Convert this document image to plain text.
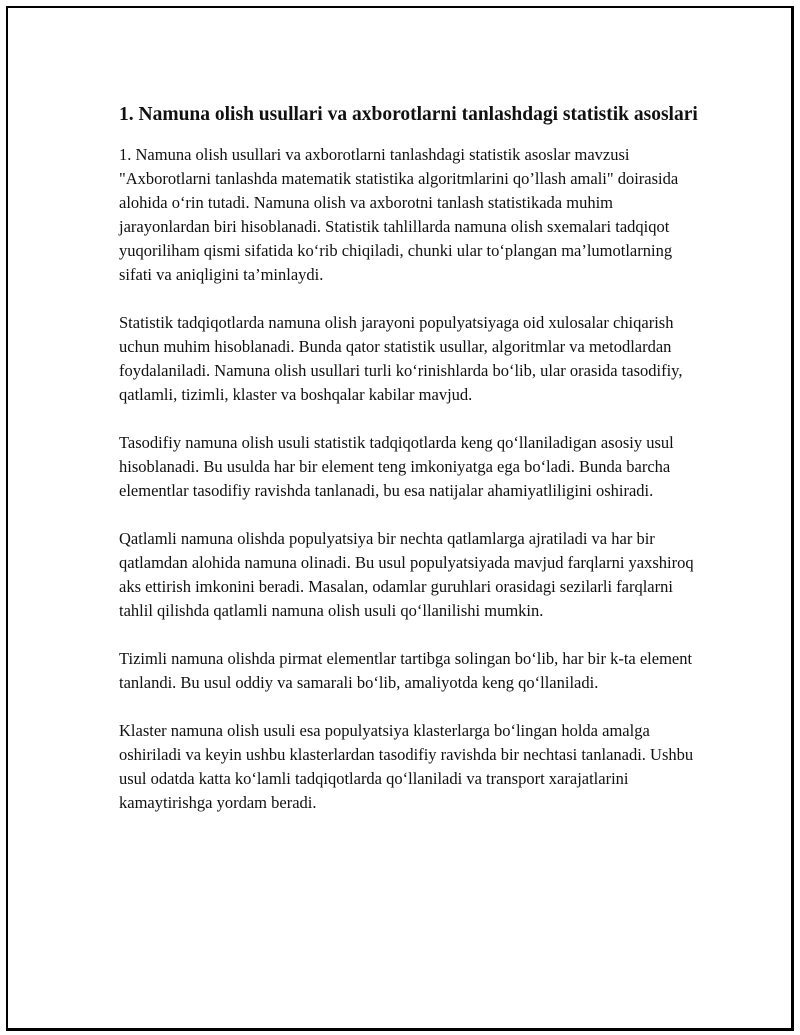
1. Namuna olish usullari va axborotlarni tanlashdagi statistik asoslari

1. Namuna olish usullari va axborotlarni tanlashdagi statistik asoslar mavzusi "Axborotlarni tanlashda matematik statistika algoritmlarini qo’llash amali" doirasida alohida o‘rin tutadi. Namuna olish va axborotni tanlash statistikada muhim jarayonlardan biri hisoblanadi. Statistik tahlillarda namuna olish sxemalari tadqiqot yuqoriliham qismi sifatida ko‘rib chiqiladi, chunki ular to‘plangan ma’lumotlarning sifati va aniqligini ta’minlaydi.

Statistik tadqiqotlarda namuna olish jarayoni populyatsiyaga oid xulosalar chiqarish uchun muhim hisoblanadi. Bunda qator statistik usullar, algoritmlar va metodlardan foydalaniladi. Namuna olish usullari turli ko‘rinishlarda bo‘lib, ular orasida tasodifiy, qatlamli, tizimli, klaster va boshqalar kabilar mavjud.

Tasodifiy namuna olish usuli statistik tadqiqotlarda keng qo‘llaniladigan asosiy usul hisoblanadi. Bu usulda har bir element teng imkoniyatga ega bo‘ladi. Bunda barcha elementlar tasodifiy ravishda tanlanadi, bu esa natijalar ahamiyatliligini oshiradi.

Qatlamli namuna olishda populyatsiya bir nechta qatlamlarga ajratiladi va har bir qatlamdan alohida namuna olinadi. Bu usul populyatsiyada mavjud farqlarni yaxshiroq aks ettirish imkonini beradi. Masalan, odamlar guruhlari orasidagi sezilarli farqlarni tahlil qilishda qatlamli namuna olish usuli qo‘llanilishi mumkin.

Tizimli namuna olishda pirmat elementlar tartibga solingan bo‘lib, har bir k-ta element tanlandi. Bu usul oddiy va samarali bo‘lib, amaliyotda keng qo‘llaniladi.

Klaster namuna olish usuli esa populyatsiya klasterlarga bo‘lingan holda amalga oshiriladi va keyin ushbu klasterlardan tasodifiy ravishda bir nechtasi tanlanadi. Ushbu usul odatda katta ko‘lamli tadqiqotlarda qo‘llaniladi va transport xarajatlarini kamaytirishga yordam beradi.
